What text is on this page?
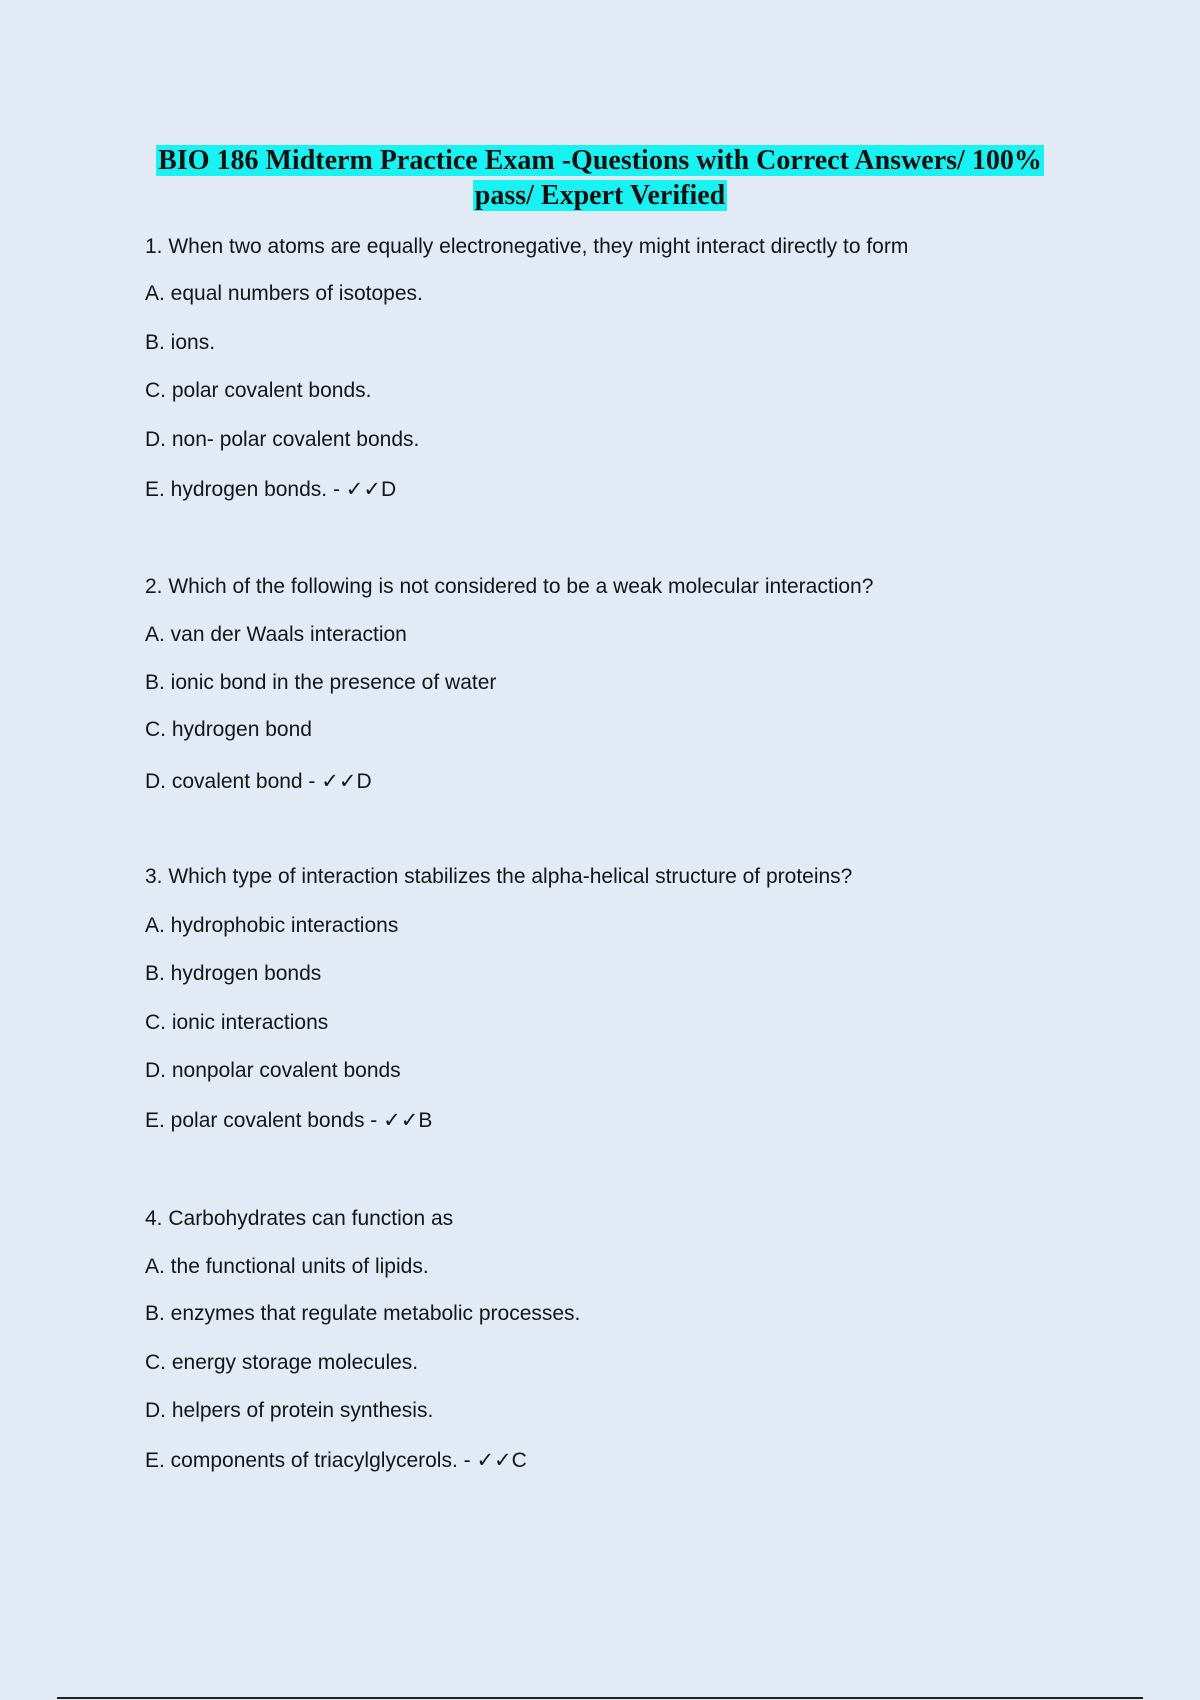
BIO 186 Midterm Practice Exam -Questions with Correct Answers/ 100%
pass/ Expert Verified
1. When two atoms are equally electronegative, they might interact directly to form
A. equal numbers of isotopes.
B. ions.
C. polar covalent bonds.
D. non- polar covalent bonds.
E. hydrogen bonds. - ✓✓D
2. Which of the following is not considered to be a weak molecular interaction?
A. van der Waals interaction
B. ionic bond in the presence of water
C. hydrogen bond
D. covalent bond - ✓✓D
3. Which type of interaction stabilizes the alpha-helical structure of proteins?
A. hydrophobic interactions
B. hydrogen bonds
C. ionic interactions
D. nonpolar covalent bonds
E. polar covalent bonds - ✓✓B
4. Carbohydrates can function as
A. the functional units of lipids.
B. enzymes that regulate metabolic processes.
C. energy storage molecules.
D. helpers of protein synthesis.
E. components of triacylglycerols. - ✓✓C
